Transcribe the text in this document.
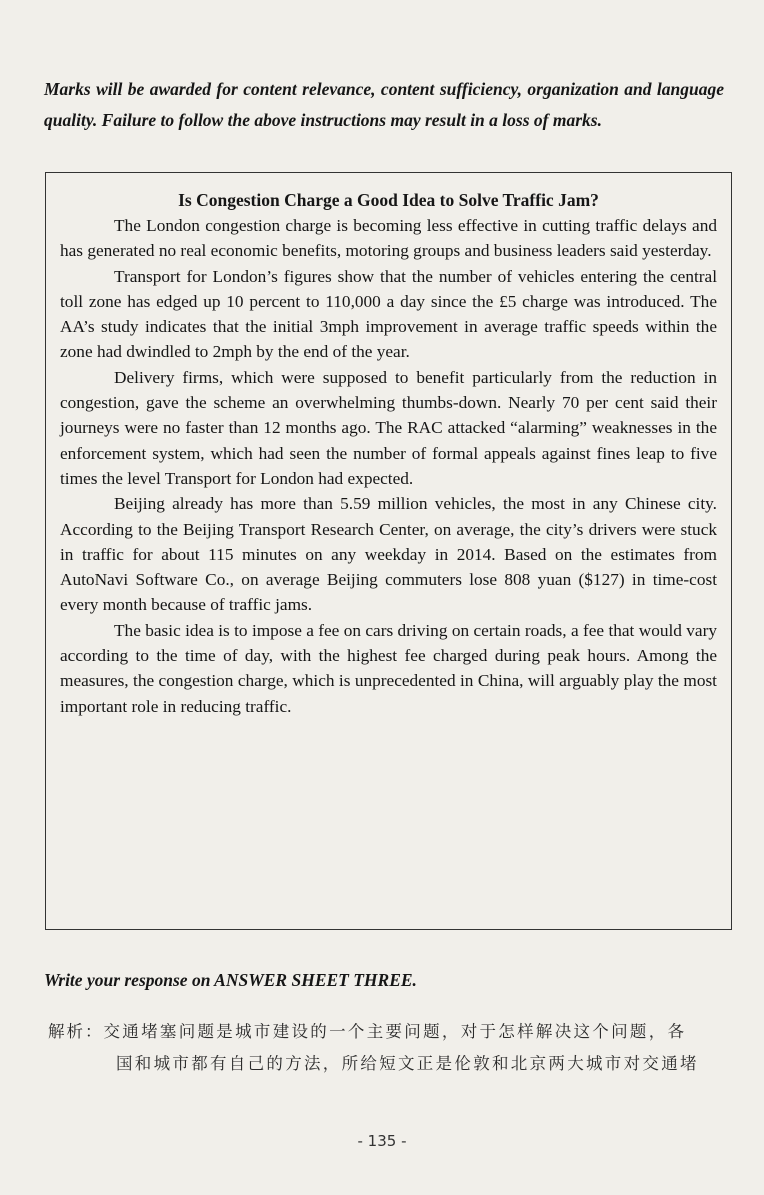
Marks will be awarded for content relevance, content sufficiency, organization and language quality. Failure to follow the above instructions may result in a loss of marks.

Is Congestion Charge a Good Idea to Solve Traffic Jam?

The London congestion charge is becoming less effective in cutting traffic delays and has generated no real economic benefits, motoring groups and business leaders said yesterday.

Transport for London’s figures show that the number of vehicles entering the central toll zone has edged up 10 percent to 110,000 a day since the £5 charge was introduced. The AA’s study indicates that the initial 3mph improvement in average traffic speeds within the zone had dwindled to 2mph by the end of the year.

Delivery firms, which were supposed to benefit particularly from the reduction in congestion, gave the scheme an overwhelming thumbs-down. Nearly 70 per cent said their journeys were no faster than 12 months ago. The RAC attacked “alarming” weaknesses in the enforcement system, which had seen the number of formal appeals against fines leap to five times the level Transport for London had expected.

Beijing already has more than 5.59 million vehicles, the most in any Chinese city. According to the Beijing Transport Research Center, on average, the city’s drivers were stuck in traffic for about 115 minutes on any weekday in 2014. Based on the estimates from AutoNavi Software Co., on average Beijing commuters lose 808 yuan ($127) in time-cost every month because of traffic jams.

The basic idea is to impose a fee on cars driving on certain roads, a fee that would vary according to the time of day, with the highest fee charged during peak hours. Among the measures, the congestion charge, which is unprecedented in China, will arguably play the most important role in reducing traffic.

Write your response on ANSWER SHEET THREE.

解析：交通堵塞问题是城市建设的一个主要问题，对于怎样解决这个问题，各
国和城市都有自己的方法，所给短文正是伦敦和北京两大城市对交通堵
- 135 -
